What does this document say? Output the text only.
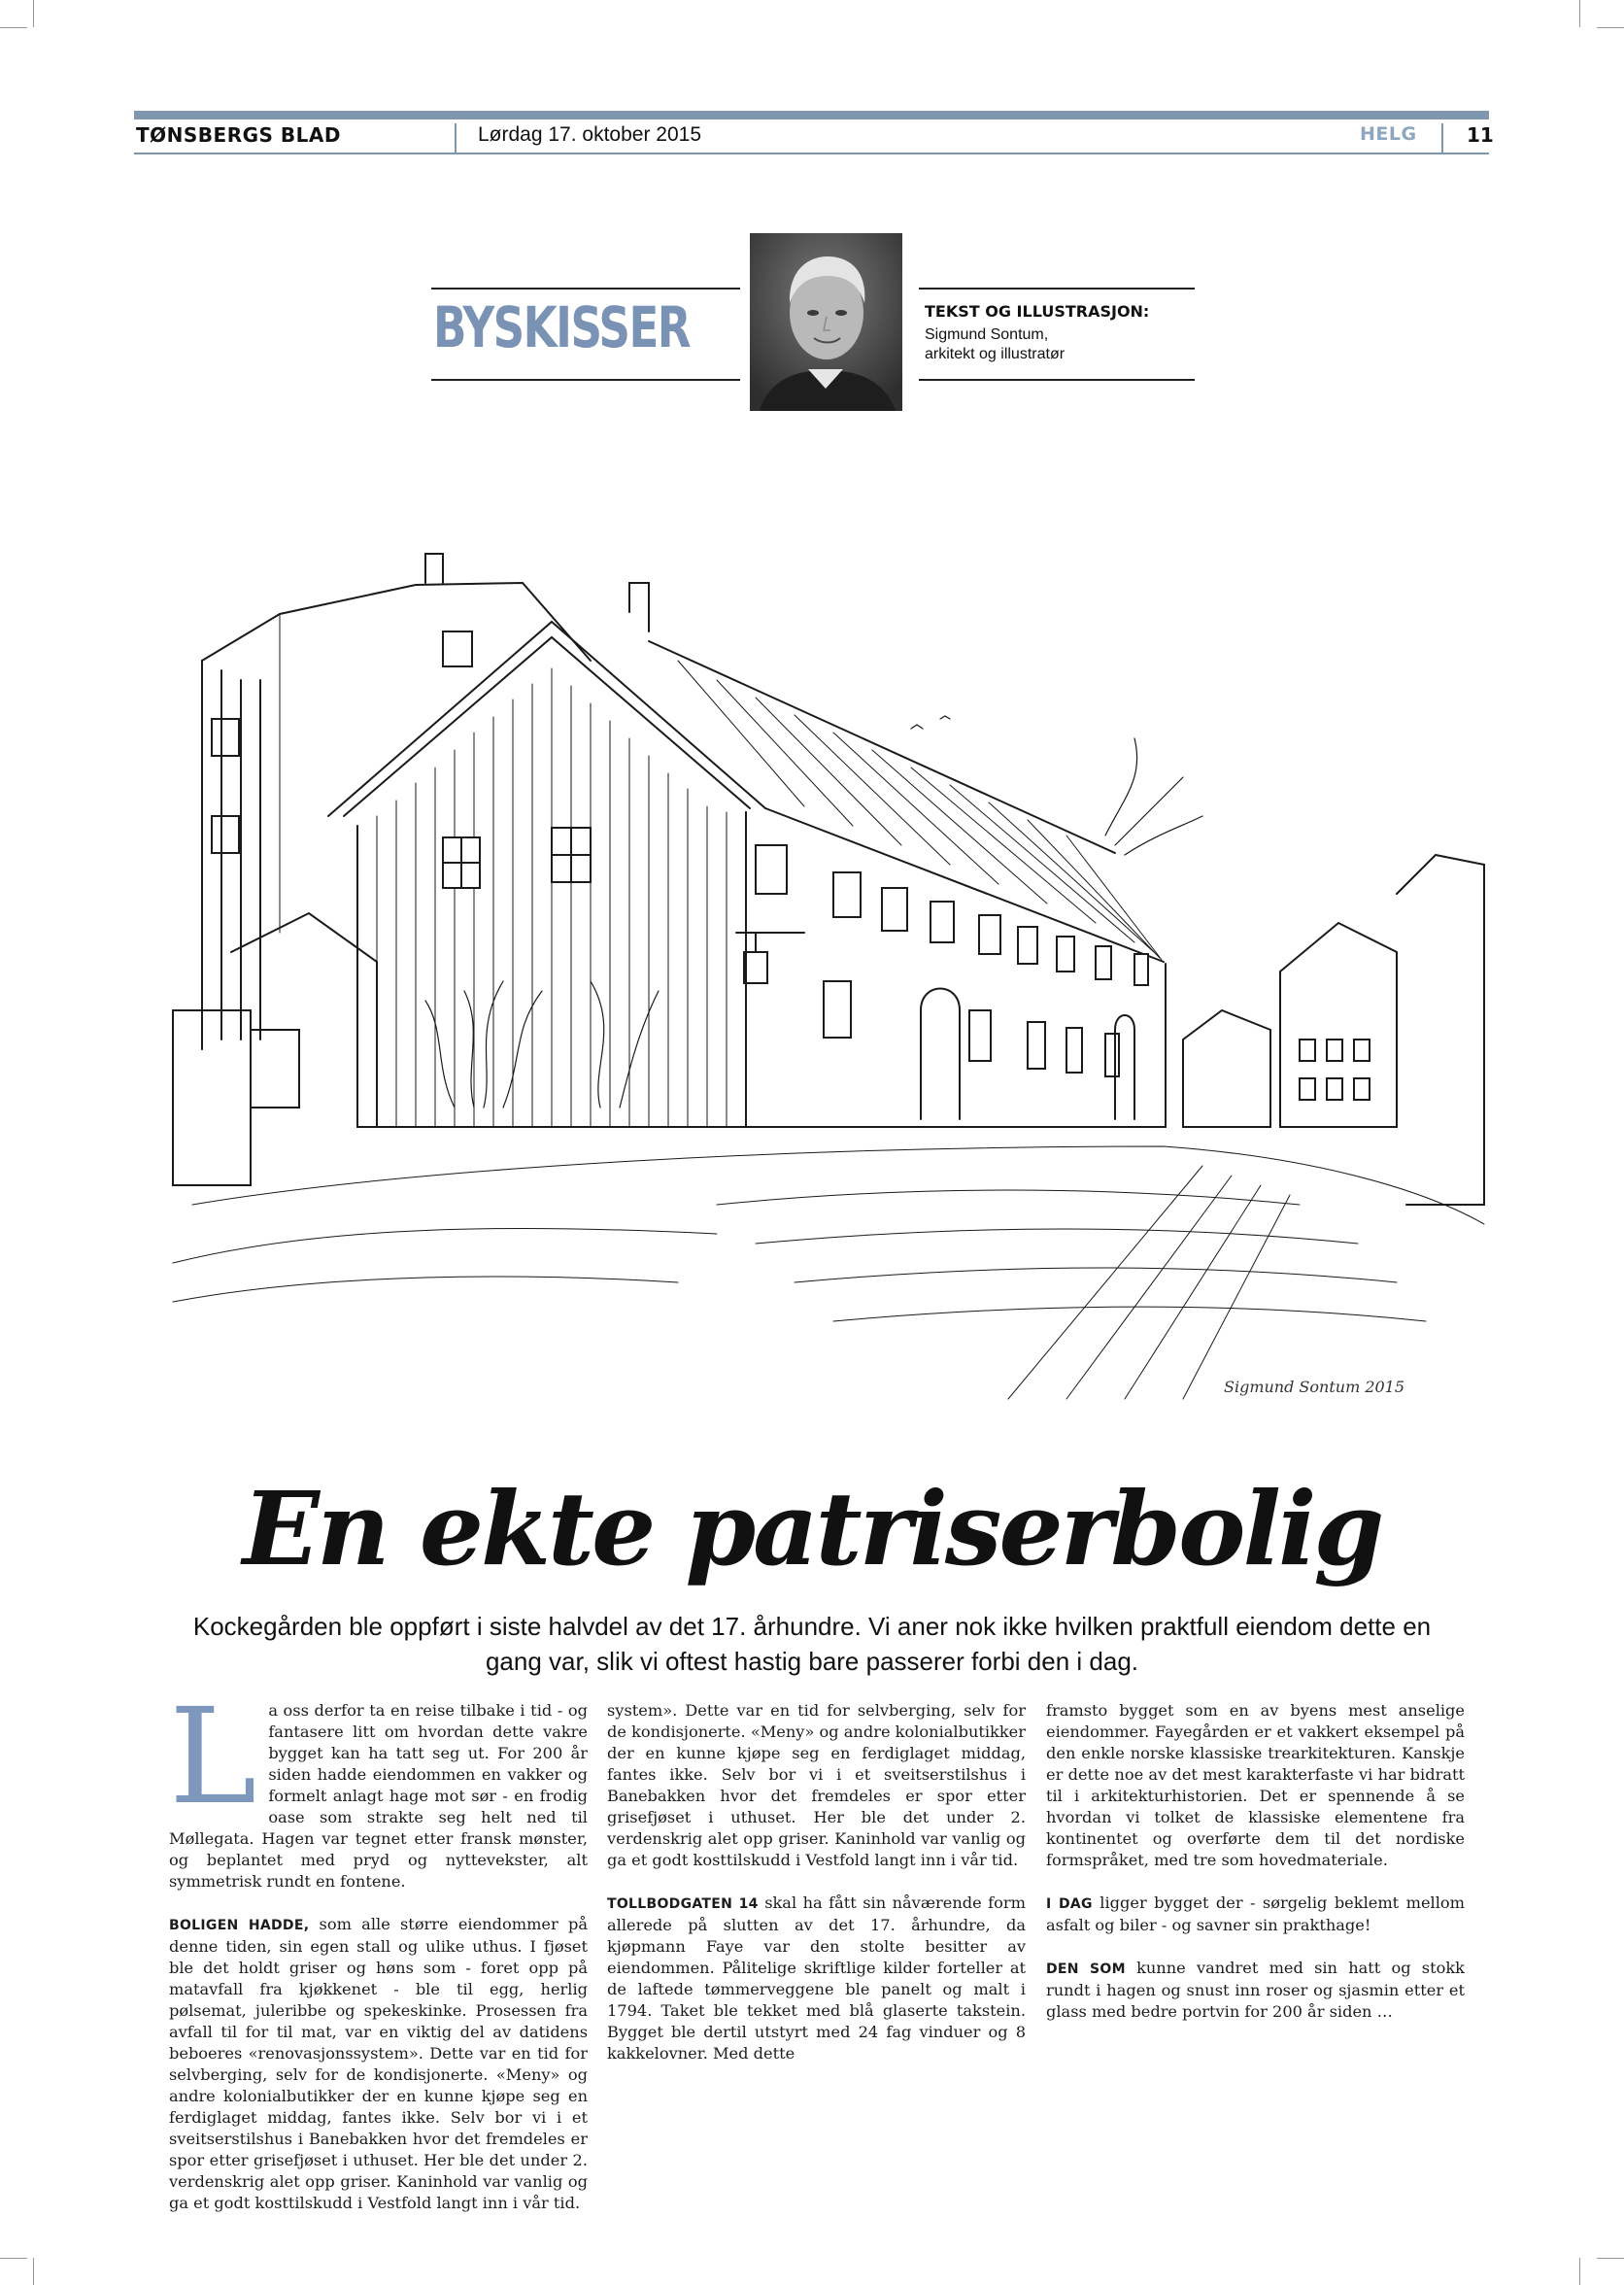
TØNSBERGS BLAD	Lørdag 17. oktober 2015	HELG	11
BYSKISSER	TEKST OG ILLUSTRASJON:
Sigmund Sontum,
arkitekt og illustratør
Sigmund Sontum 2015
En ekte patriserbolig
Kockegården ble oppført i siste halvdel av det 17. århundre. Vi aner nok ikke hvilken praktfull eiendom dette en gang var, slik vi oftest hastig bare passerer forbi den i dag.

La oss derfor ta en reise tilbake i tid - og fantasere litt om hvordan dette vakre bygget kan ha tatt seg ut. For 200 år siden hadde eiendommen en vakker og formelt anlagt hage mot sør - en frodig oase som strakte seg helt ned til Møllegata. Hagen var tegnet etter fransk mønster, og beplantet med pryd og nyttevekster, alt symmetrisk rundt en fontene.

BOLIGEN HADDE, som alle større eiendommer på denne tiden, sin egen stall og ulike uthus. I fjøset ble det holdt griser og høns som - foret opp på matavfall fra kjøkkenet - ble til egg, herlig pølsemat, juleribbe og spekeskinke. Prosessen fra avfall til for til mat, var en viktig del av datidens beboeres «renovasjonssystem». Dette var en tid for selvberging, selv for de kondisjonerte. «Meny» og andre kolonialbutikker der en kunne kjøpe seg en ferdiglaget middag, fantes ikke. Selv bor vi i et sveitserstilshus i Banebakken hvor det fremdeles er spor etter grisefjøset i uthuset. Her ble det under 2. verdenskrig alet opp griser. Kaninhold var vanlig og ga et godt kosttilskudd i Vestfold langt inn i vår tid.

system». Dette var en tid for selvberging, selv for de kondisjonerte. «Meny» og andre kolonialbutikker der en kunne kjøpe seg en ferdiglaget middag, fantes ikke. Selv bor vi i et sveitserstilshus i Banebakken hvor det fremdeles er spor etter grisefjøset i uthuset. Her ble det under 2. verdenskrig alet opp griser. Kaninhold var vanlig og ga et godt kosttilskudd i Vestfold langt inn i vår tid.

TOLLBODGATEN 14 skal ha fått sin nåværende form allerede på slutten av det 17. århundre, da kjøpmann Faye var den stolte besitter av eiendommen. Pålitelige skriftlige kilder forteller at de laftede tømmerveggene ble panelt og malt i 1794. Taket ble tekket med blå glaserte takstein. Bygget ble dertil utstyrt med 24 fag vinduer og 8 kakkelovner. Med dette

framsto bygget som en av byens mest anselige eiendommer. Fayegården er et vakkert eksempel på den enkle norske klassiske trearkitekturen. Kanskje er dette noe av det mest karakterfaste vi har bidratt til i arkitekturhistorien. Det er spennende å se hvordan vi tolket de klassiske elementene fra kontinentet og overførte dem til det nordiske formspråket, med tre som hovedmateriale.

I DAG ligger bygget der - sørgelig beklemt mellom asfalt og biler - og savner sin prakthage!

DEN SOM kunne vandret med sin hatt og stokk rundt i hagen og snust inn roser og sjasmin etter et glass med bedre portvin for 200 år siden …
